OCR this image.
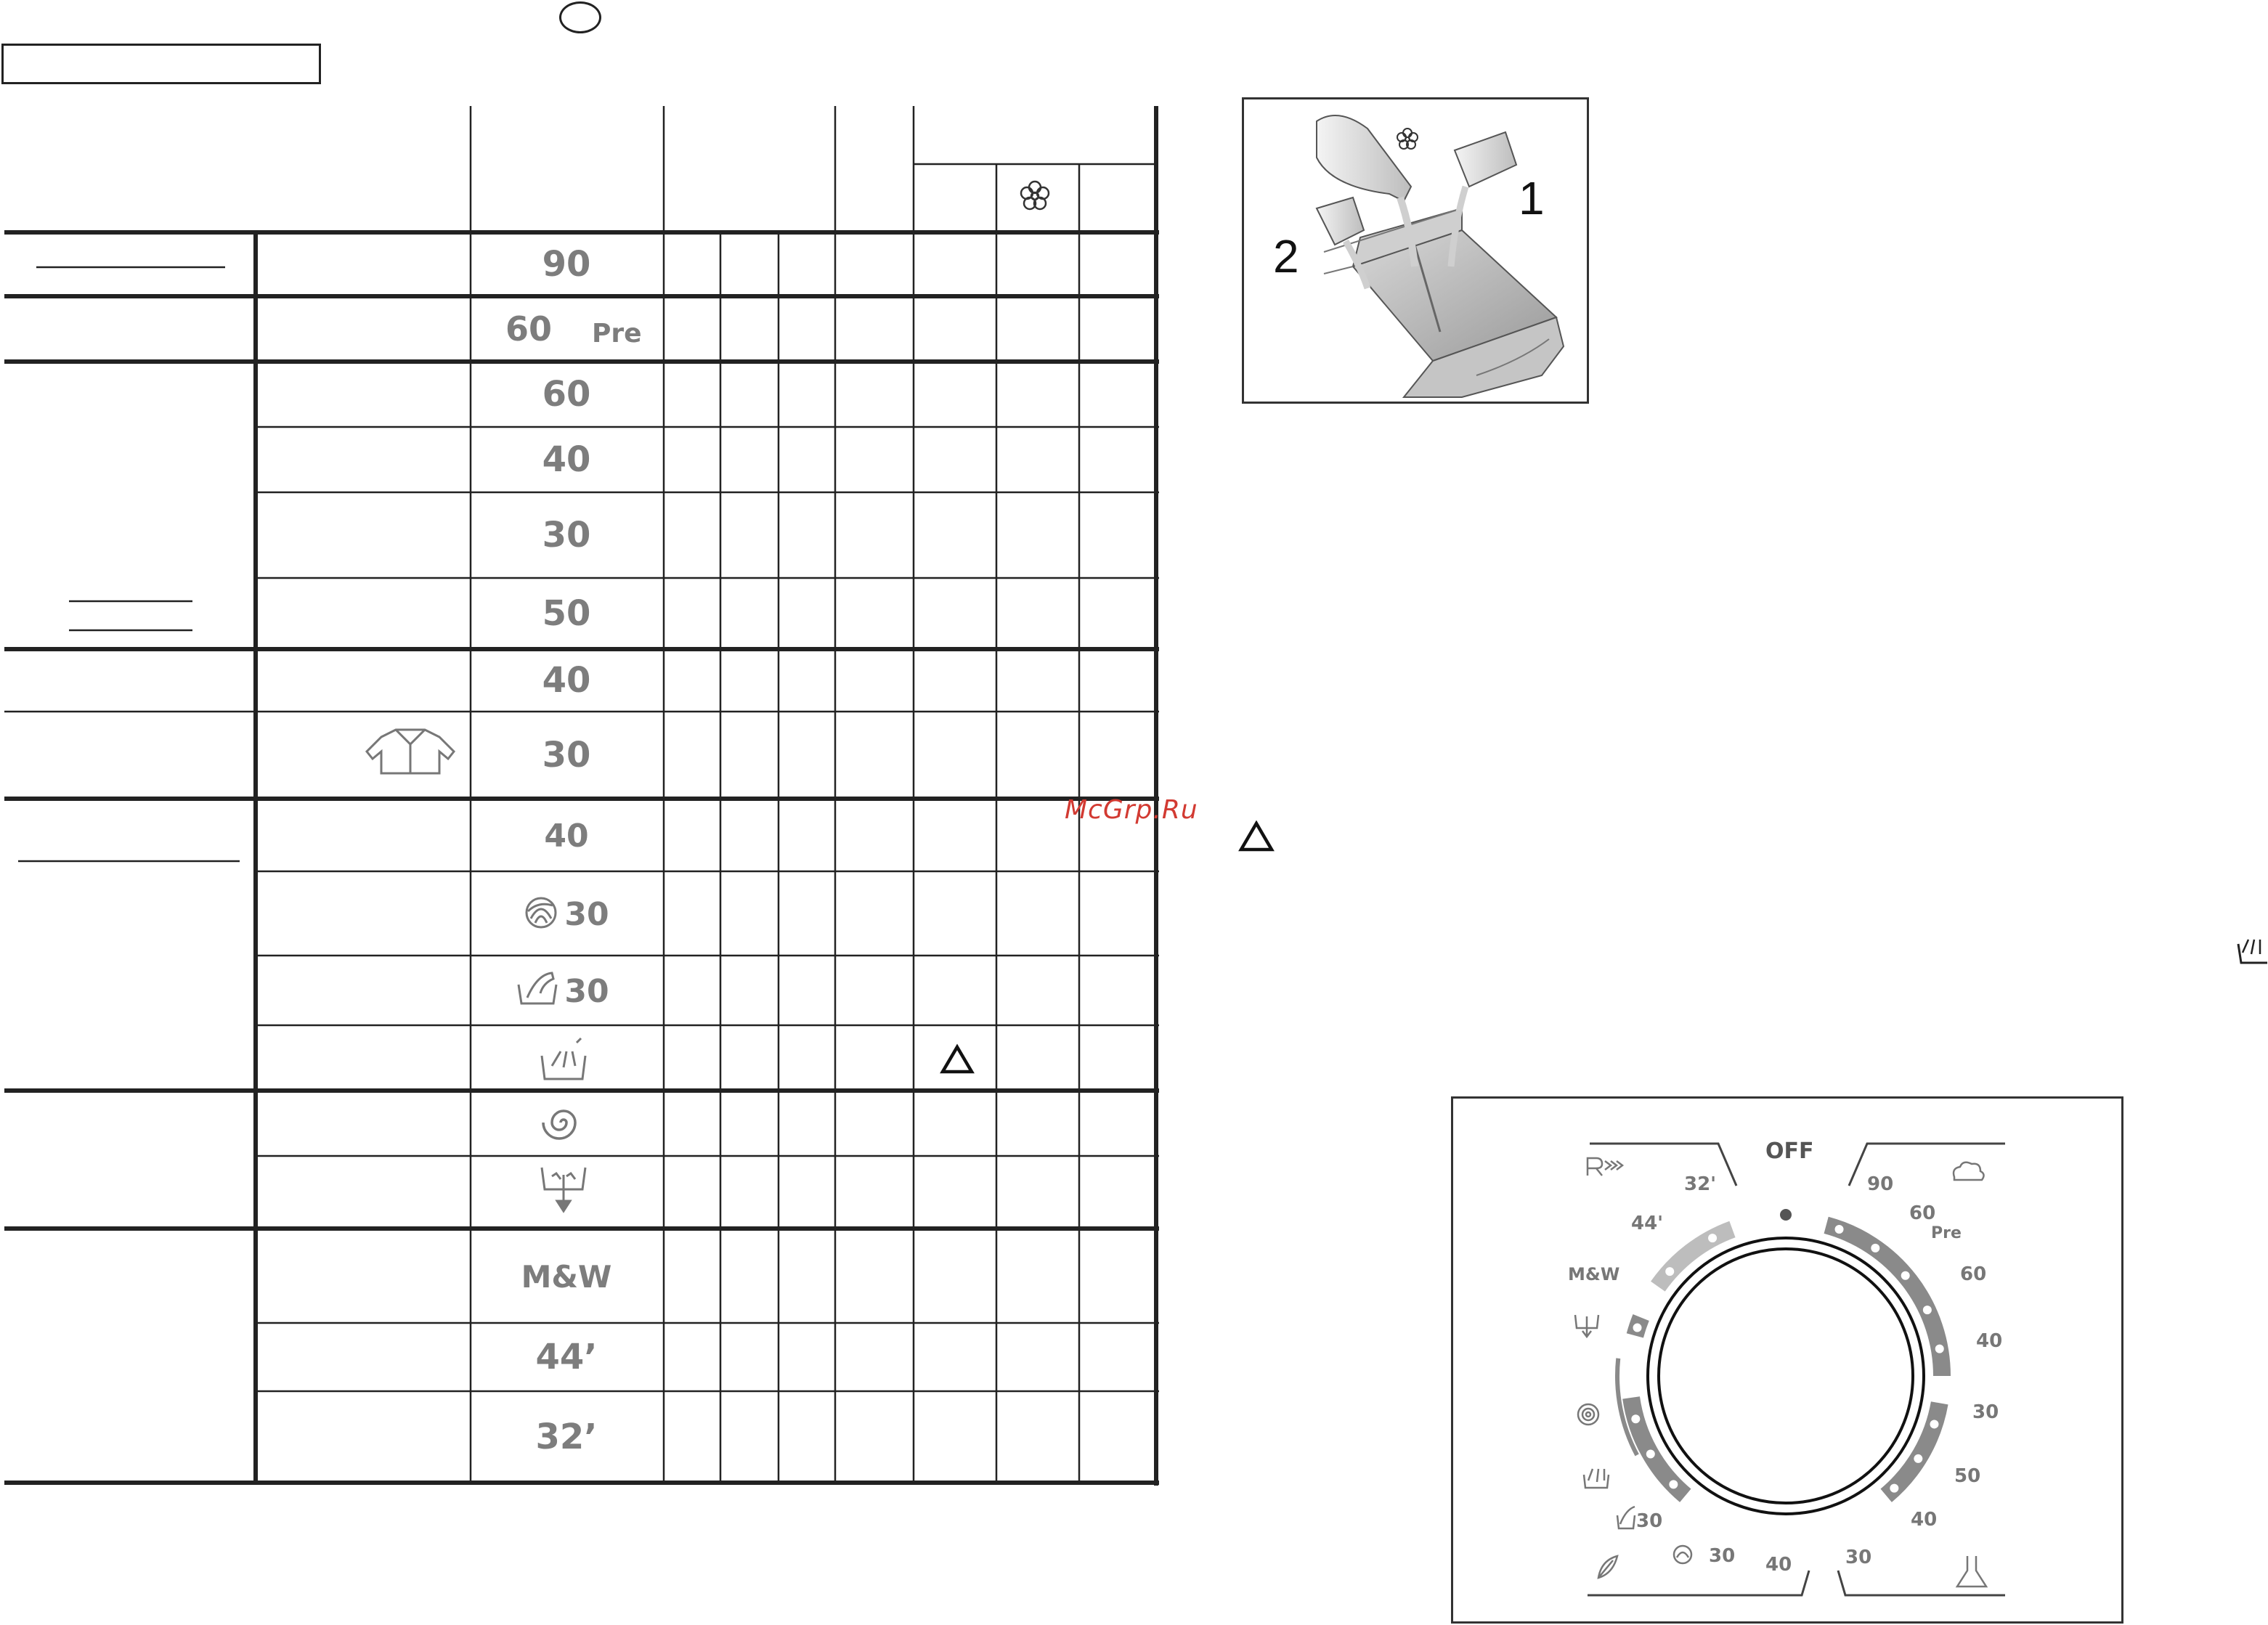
90
60 Pre
60
40
30
50
40
30
40
30
30
M&W
44’
32’
1
2
McGrp.Ru
OFF
90
60
Pre
60
40
30
50
40
30
30 40
32'
44'
M&W
30
